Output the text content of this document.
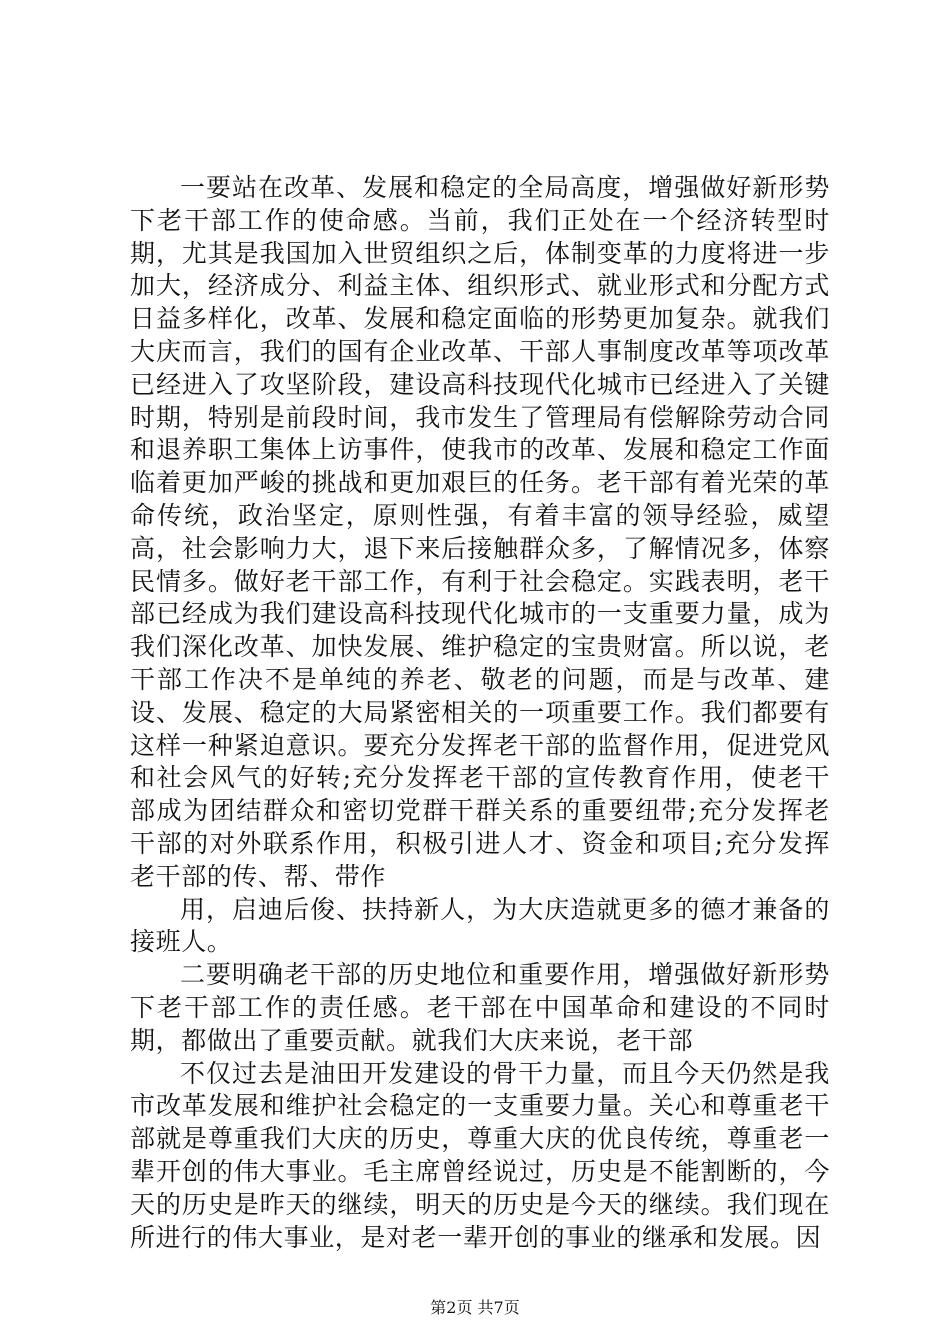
一要站在改革、发展和稳定的全局高度，增强做好新形势下老干部工作的使命感。当前，我们正处在一个经济转型时期，尤其是我国加入世贸组织之后，体制变革的力度将进一步加大，经济成分、利益主体、组织形式、就业形式和分配方式日益多样化，改革、发展和稳定面临的形势更加复杂。就我们大庆而言，我们的国有企业改革、干部人事制度改革等项改革已经进入了攻坚阶段，建设高科技现代化城市已经进入了关键时期，特别是前段时间，我市发生了管理局有偿解除劳动合同和退养职工集体上访事件，使我市的改革、发展和稳定工作面临着更加严峻的挑战和更加艰巨的任务。老干部有着光荣的革命传统，政治坚定，原则性强，有着丰富的领导经验，威望高，社会影响力大，退下来后接触群众多，了解情况多，体察民情多。做好老干部工作，有利于社会稳定。实践表明，老干部已经成为我们建设高科技现代化城市的一支重要力量，成为我们深化改革、加快发展、维护稳定的宝贵财富。所以说，老干部工作决不是单纯的养老、敬老的问题，而是与改革、建设、发展、稳定的大局紧密相关的一项重要工作。我们都要有这样一种紧迫意识。要充分发挥老干部的监督作用，促进党风和社会风气的好转;充分发挥老干部的宣传教育作用，使老干部成为团结群众和密切党群干群关系的重要纽带;充分发挥老干部的对外联系作用，积极引进人才、资金和项目;充分发挥老干部的传、帮、带作

用，启迪后俊、扶持新人，为大庆造就更多的德才兼备的接班人。

二要明确老干部的历史地位和重要作用，增强做好新形势下老干部工作的责任感。老干部在中国革命和建设的不同时期，都做出了重要贡献。就我们大庆来说，老干部

不仅过去是油田开发建设的骨干力量，而且今天仍然是我市改革发展和维护社会稳定的一支重要力量。关心和尊重老干部就是尊重我们大庆的历史，尊重大庆的优良传统，尊重老一辈开创的伟大事业。毛主席曾经说过，历史是不能割断的，今天的历史是昨天的继续，明天的历史是今天的继续。我们现在所进行的伟大事业，是对老一辈开创的事业的继承和发展。因

第2页 共7页
